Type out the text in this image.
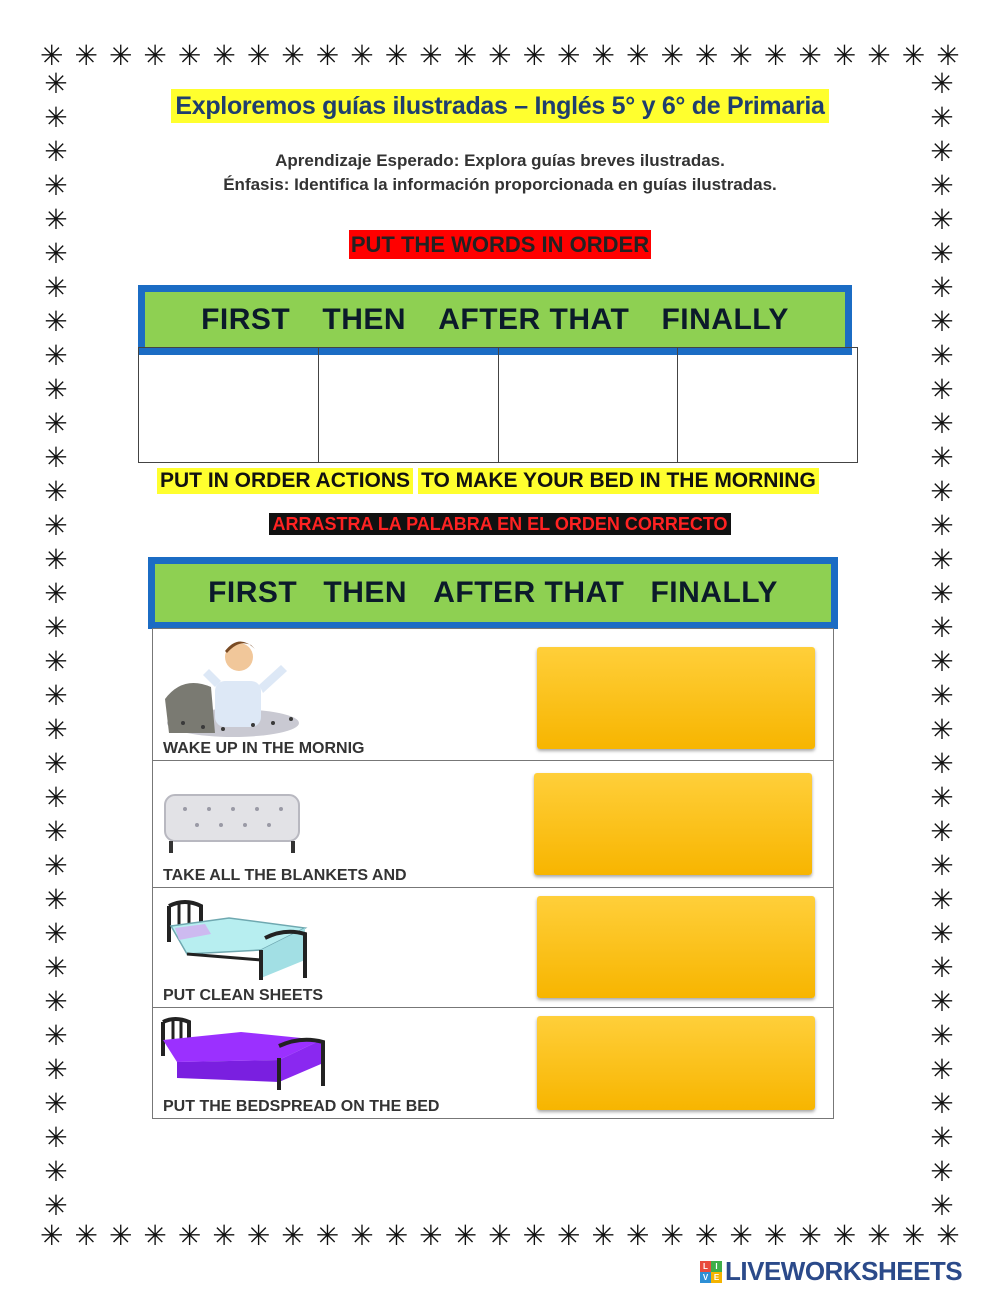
✳ ✳ ✳ ✳ ✳ ✳ ✳ ✳ ✳ ✳ ✳ ✳ ✳ ✳ ✳ ✳ ✳ ✳ ✳ ✳ ✳ ✳ ✳ ✳ ✳ ✳ ✳
✳ ✳ ✳ ✳ ✳ ✳ ✳ ✳ ✳ ✳ ✳ ✳ ✳ ✳ ✳ ✳ ✳ ✳ ✳ ✳ ✳ ✳ ✳ ✳ ✳ ✳ ✳
✳
✳
✳
✳
✳
✳
✳
✳
✳
✳
✳
✳
✳
✳
✳
✳
✳
✳
✳
✳
✳
✳
✳
✳
✳
✳
✳
✳
✳
✳
✳
✳
✳
✳
✳
✳
✳
✳
✳
✳
✳
✳
✳
✳
✳
✳
✳
✳
✳
✳
✳
✳
✳
✳
✳
✳
✳
✳
✳
✳
✳
✳
✳
✳
✳
✳
✳
✳
Exploremos guías ilustradas – Inglés 5° y 6° de Primaria
Aprendizaje Esperado: Explora guías breves ilustradas.
Énfasis: Identifica la información proporcionada en guías ilustradas.
PUT THE WORDS IN ORDER
FIRST THEN AFTER THAT FINALLY
PUT IN ORDER ACTIONS TO MAKE YOUR BED IN THE MORNING
ARRASTRA LA PALABRA EN EL ORDEN CORRECTO
FIRST THEN AFTER THAT FINALLY
WAKE UP IN THE MORNIG
TAKE ALL THE BLANKETS AND
PUT CLEAN SHEETS
PUT THE BEDSPREAD ON THE BED
L I
V E LIVEWORKSHEETS
